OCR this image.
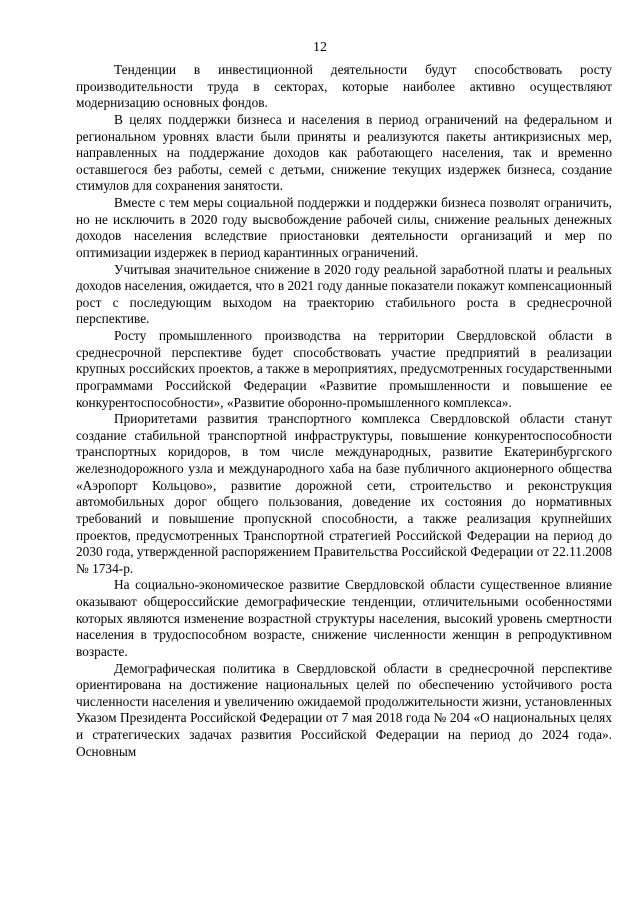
12

Тенденции в инвестиционной деятельности будут способствовать росту производительности труда в секторах, которые наиболее активно осуществляют модернизацию основных фондов.

В целях поддержки бизнеса и населения в период ограничений на федеральном и региональном уровнях власти были приняты и реализуются пакеты антикризисных мер, направленных на поддержание доходов как работающего населения, так и временно оставшегося без работы, семей с детьми, снижение текущих издержек бизнеса, создание стимулов для сохранения занятости.

Вместе с тем меры социальной поддержки и поддержки бизнеса позволят ограничить, но не исключить в 2020 году высвобождение рабочей силы, снижение реальных денежных доходов населения вследствие приостановки деятельности организаций и мер по оптимизации издержек в период карантинных ограничений.

Учитывая значительное снижение в 2020 году реальной заработной платы и реальных доходов населения, ожидается, что в 2021 году данные показатели покажут компенсационный рост с последующим выходом на траекторию стабильного роста в среднесрочной перспективе.

Росту промышленного производства на территории Свердловской области в среднесрочной перспективе будет способствовать участие предприятий в реализации крупных российских проектов, а также в мероприятиях, предусмотренных государственными программами Российской Федерации «Развитие промышленности и повышение ее конкурентоспособности», «Развитие оборонно-промышленного комплекса».

Приоритетами развития транспортного комплекса Свердловской области станут создание стабильной транспортной инфраструктуры, повышение конкурентоспособности транспортных коридоров, в том числе международных, развитие Екатеринбургского железнодорожного узла и международного хаба на базе публичного акционерного общества «Аэропорт Кольцово», развитие дорожной сети, строительство и реконструкция автомобильных дорог общего пользования, доведение их состояния до нормативных требований и повышение пропускной способности, а также реализация крупнейших проектов, предусмотренных Транспортной стратегией Российской Федерации на период до 2030 года, утвержденной распоряжением Правительства Российской Федерации от 22.11.2008 № 1734-р.

На социально-экономическое развитие Свердловской области существенное влияние оказывают общероссийские демографические тенденции, отличительными особенностями которых являются изменение возрастной структуры населения, высокий уровень смертности населения в трудоспособном возрасте, снижение численности женщин в репродуктивном возрасте.

Демографическая политика в Свердловской области в среднесрочной перспективе ориентирована на достижение национальных целей по обеспечению устойчивого роста численности населения и увеличению ожидаемой продолжительности жизни, установленных Указом Президента Российской Федерации от 7 мая 2018 года № 204 «О национальных целях и стратегических задачах развития Российской Федерации на период до 2024 года». Основным
